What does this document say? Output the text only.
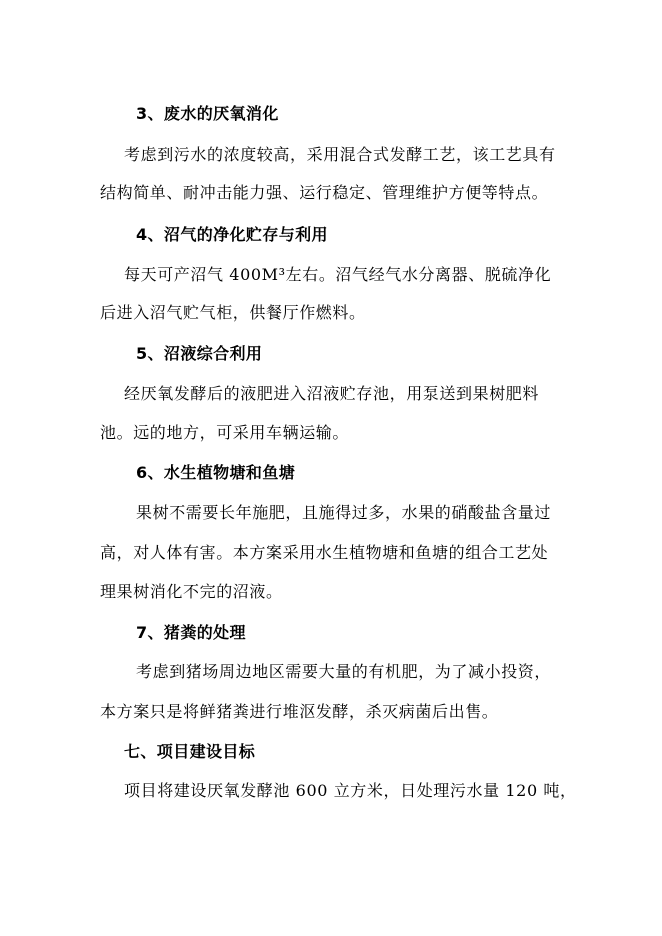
3、废水的厌氧消化
考虑到污水的浓度较高，采用混合式发酵工艺，该工艺具有
结构简单、耐冲击能力强、运行稳定、管理维护方便等特点。
4、沼气的净化贮存与利用
每天可产沼气 400M³左右。沼气经气水分离器、脱硫净化
后进入沼气贮气柜，供餐厅作燃料。
5、沼液综合利用
经厌氧发酵后的液肥进入沼液贮存池，用泵送到果树肥料
池。远的地方，可采用车辆运输。
6、水生植物塘和鱼塘
果树不需要长年施肥，且施得过多，水果的硝酸盐含量过
高，对人体有害。本方案采用水生植物塘和鱼塘的组合工艺处
理果树消化不完的沼液。
7、猪粪的处理
考虑到猪场周边地区需要大量的有机肥，为了减小投资，
本方案只是将鲜猪粪进行堆沤发酵，杀灭病菌后出售。
七、项目建设目标
项目将建设厌氧发酵池 600 立方米，日处理污水量 120 吨，
